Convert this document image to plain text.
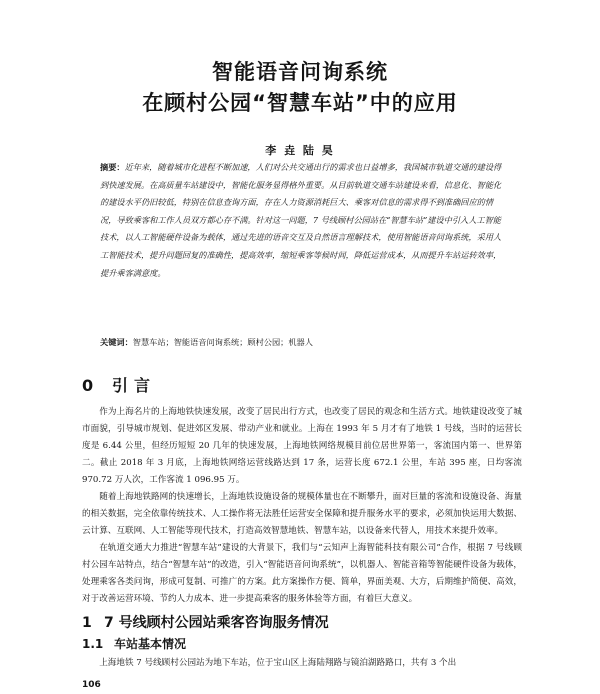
智能语音问询系统
在顾村公园“智慧车站”中的应用
李 垚 陆 昊
摘要：近年来，随着城市化进程不断加速，人们对公共交通出行的需求也日益增多，我国城市轨道交通的建设得到快速发展。在高质量车站建设中，智能化服务显得格外重要。从目前轨道交通车站建设来看，信息化、智能化的建设水平仍旧较低，特别在信息查询方面，存在人力资源消耗巨大、乘客对信息的需求得不到准确回应的情况，导致乘客和工作人员双方都心存不满。针对这一问题，7 号线顾村公园站在“智慧车站”建设中引入人工智能技术，以人工智能硬件设备为载体，通过先进的语音交互及自然语言理解技术，使用智能语音问询系统，采用人工智能技术，提升问题回复的准确性，提高效率，缩短乘客等候时间，降低运营成本，从而提升车站运转效率，提升乘客满意度。
关键词：智慧车站；智能语音问询系统；顾村公园；机器人
0 引言

作为上海名片的上海地铁快速发展，改变了居民出行方式，也改变了居民的观念和生活方式。地铁建设改变了城市面貌，引导城市规划、促进郊区发展、带动产业和就业。上海在 1993 年 5 月才有了地铁 1 号线，当时的运营长度是 6.44 公里，但经历短短 20 几年的快速发展，上海地铁网络规模目前位居世界第一，客流国内第一、世界第二。截止 2018 年 3 月底，上海地铁网络运营线路达到 17 条，运营长度 672.1 公里，车站 395 座，日均客流 970.72 万人次，工作客流 1 096.95 万。

随着上海地铁路网的快速增长，上海地铁设施设备的规模体量也在不断攀升，面对巨量的客流和设施设备、海量的相关数据，完全依靠传统技术、人工操作将无法胜任运营安全保障和提升服务水平的要求，必须加快运用大数据、云计算、互联网、人工智能等现代技术，打造高效智慧地铁、智慧车站，以设备来代替人，用技术来提升效率。

在轨道交通大力推进“智慧车站”建设的大背景下，我们与“云知声上海智能科技有限公司”合作，根据 7 号线顾村公园车站特点，结合“智慧车站”的改造，引入“智能语音问询系统”，以机器人、智能音箱等智能硬件设备为载体，处理乘客各类问询，形成可复制、可推广的方案。此方案操作方便、简单，界面美观、大方，后期维护简便、高效，对于改善运营环境、节约人力成本、进一步提高乘客的服务体验等方面，有着巨大意义。

1 7 号线顾村公园站乘客咨询服务情况
1.1 车站基本情况
上海地铁 7 号线顾村公园站为地下车站，位于宝山区上海陆翔路与镜泊湖路路口，共有 3 个出
106
